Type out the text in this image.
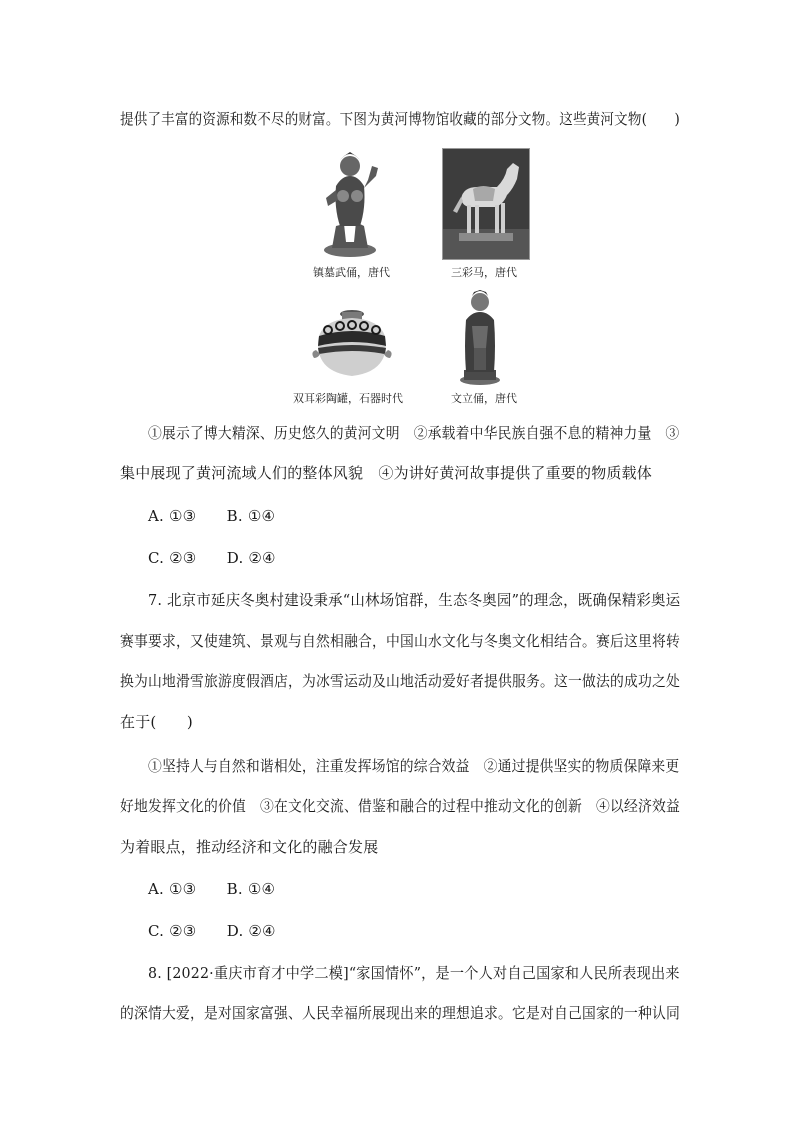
提供了丰富的资源和数不尽的财富。下图为黄河博物馆收藏的部分文物。这些黄河文物(　　)
镇墓武俑，唐代	三彩马，唐代
双耳彩陶罐，石器时代	文立俑，唐代
①展示了博大精深、历史悠久的黄河文明　②承载着中华民族自强不息的精神力量　③
集中展现了黄河流域人们的整体风貌　④为讲好黄河故事提供了重要的物质载体
A. ①③　　B. ①④
C. ②③　　D. ②④
7. 北京市延庆冬奥村建设秉承“山林场馆群，生态冬奥园”的理念，既确保精彩奥运
赛事要求，又使建筑、景观与自然相融合，中国山水文化与冬奥文化相结合。赛后这里将转
换为山地滑雪旅游度假酒店，为冰雪运动及山地活动爱好者提供服务。这一做法的成功之处
在于(　　)
①坚持人与自然和谐相处，注重发挥场馆的综合效益　②通过提供坚实的物质保障来更
好地发挥文化的价值　③在文化交流、借鉴和融合的过程中推动文化的创新　④以经济效益
为着眼点，推动经济和文化的融合发展
A. ①③　　B. ①④
C. ②③　　D. ②④
8. [2022·重庆市育才中学二模]“家国情怀”，是一个人对自己国家和人民所表现出来
的深情大爱，是对国家富强、人民幸福所展现出来的理想追求。它是对自己国家的一种认同
